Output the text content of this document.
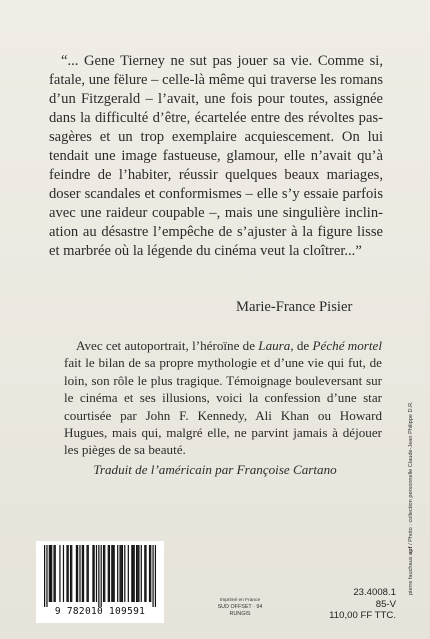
“... Gene Tierney ne sut pas jouer sa vie. Comme si, fatale, une fëlure – celle-là même qui traverse les romans d’un Fitzgerald – l’avait, une fois pour toutes, assignée dans la difficulté d’être, écartelée entre des révoltes pas- sagères et un trop exemplaire acquiescement. On lui tendait une image fastueuse, glamour, elle n’avait qu’à feindre de l’habiter, réussir quelques beaux mariages, doser scandales et conformismes – elle s’y essaie parfois avec une raideur coupable –, mais une singulière inclin- ation au désastre l’empêche de s’ajuster à la figure lisse et marbrée où la légende du cinéma veut la cloîtrer...”

Marie-France Pisier

Avec cet autoportrait, l’héroïne de Laura, de Péché mortel fait le bilan de sa propre mythologie et d’une vie qui fut, de loin, son rôle le plus tragique. Témoignage bouleversant sur le cinéma et ses illusions, voici la confession d’une star courtisée par John F. Kennedy, Ali Khan ou Howard Hugues, mais qui, malgré elle, ne parvint jamais à déjouer les pièges de sa beauté.

Traduit de l’américain par Françoise Cartano

9 782010 109591
Imprimé en France
SUD OFFSET · 94 RUNGIS
23.4008.1
85-V
110,00 FF TTC.
pierre fauchaux apf / Photo : collection personnelle Claude-Jean Philippe D.R.
